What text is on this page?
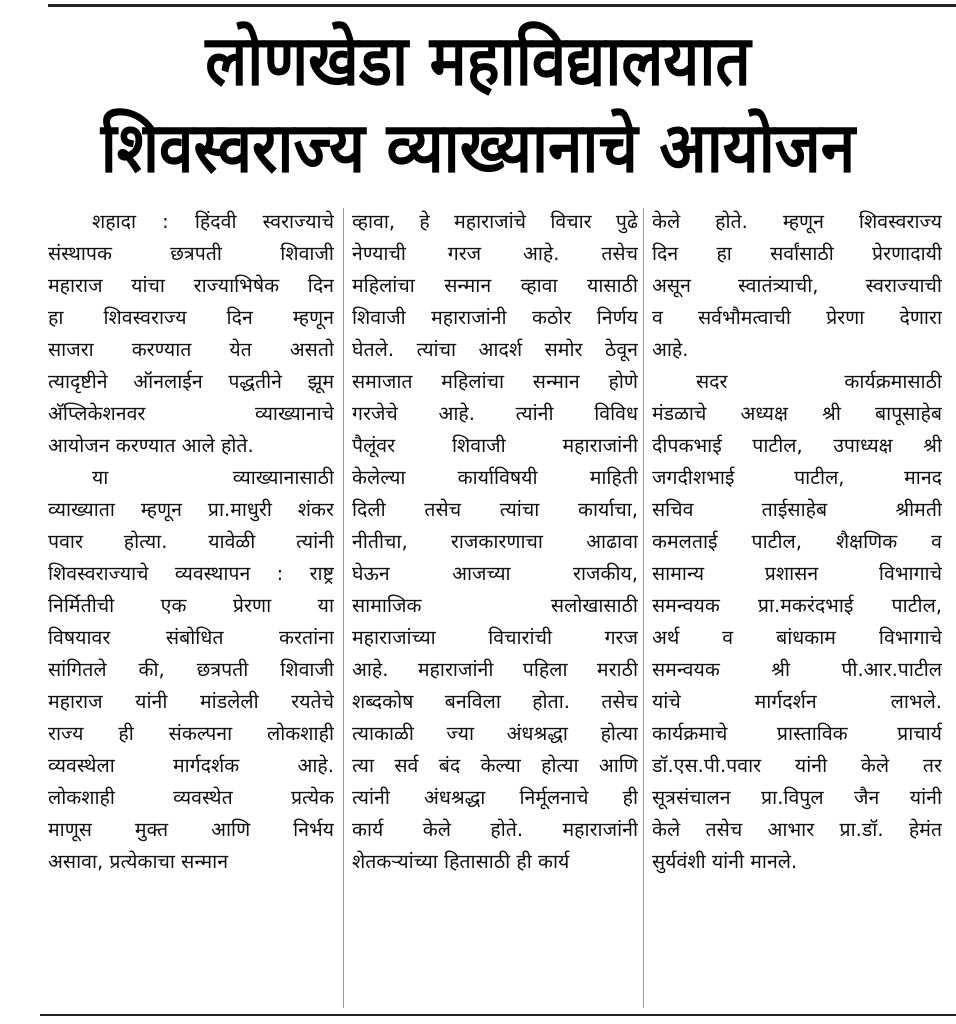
लोणखेडा महाविद्यालयात
शिवस्वराज्य व्याख्यानाचे आयोजन
शहादा : हिंदवी स्वराज्याचे
संस्थापक छत्रपती शिवाजी
महाराज यांचा राज्याभिषेक दिन
हा शिवस्वराज्य दिन म्हणून
साजरा करण्यात येत असतो
त्यादृष्टीने ऑनलाईन पद्धतीने झूम
अ‍ॅप्लिकेशनवर व्याख्यानाचे
आयोजन करण्यात आले होते.
या व्याख्यानासाठी
व्याख्याता म्हणून प्रा.माधुरी शंकर
पवार होत्या. यावेळी त्यांनी
शिवस्वराज्याचे व्यवस्थापन : राष्ट्र
निर्मितीची एक प्रेरणा या
विषयावर संबोधित करतांना
सांगितले की, छत्रपती शिवाजी
महाराज यांनी मांडलेली रयतेचे
राज्य ही संकल्पना लोकशाही
व्यवस्थेला मार्गदर्शक आहे.
लोकशाही व्यवस्थेत प्रत्येक
माणूस मुक्त आणि निर्भय
असावा, प्रत्येकाचा सन्मान
व्हावा, हे महाराजांचे विचार पुढे
नेण्याची गरज आहे. तसेच
महिलांचा सन्मान व्हावा यासाठी
शिवाजी महाराजांनी कठोर निर्णय
घेतले. त्यांचा आदर्श समोर ठेवून
समाजात महिलांचा सन्मान होणे
गरजेचे आहे. त्यांनी विविध
पैलूंवर शिवाजी महाराजांनी
केलेल्या कार्याविषयी माहिती
दिली तसेच त्यांचा कार्याचा,
नीतीचा, राजकारणाचा आढावा
घेऊन आजच्या राजकीय,
सामाजिक सलोखासाठी
महाराजांच्या विचारांची गरज
आहे. महाराजांनी पहिला मराठी
शब्दकोष बनविला होता. तसेच
त्याकाळी ज्या अंधश्रद्धा होत्या
त्या सर्व बंद केल्या होत्या आणि
त्यांनी अंधश्रद्धा निर्मूलनाचे ही
कार्य केले होते. महाराजांनी
शेतकऱ्यांच्या हितासाठी ही कार्य
केले होते. म्हणून शिवस्वराज्य
दिन हा सर्वांसाठी प्रेरणादायी
असून स्वातंत्र्याची, स्वराज्याची
व सर्वभौमत्वाची प्रेरणा देणारा
आहे.
सदर कार्यक्रमासाठी
मंडळाचे अध्यक्ष श्री बापूसाहेब
दीपकभाई पाटील, उपाध्यक्ष श्री
जगदीशभाई पाटील, मानद
सचिव ताईसाहेब श्रीमती
कमलताई पाटील, शैक्षणिक व
सामान्य प्रशासन विभागाचे
समन्वयक प्रा.मकरंदभाई पाटील,
अर्थ व बांधकाम विभागाचे
समन्वयक श्री पी.आर.पाटील
यांचे मार्गदर्शन लाभले.
कार्यक्रमाचे प्रास्ताविक प्राचार्य
डॉ.एस.पी.पवार यांनी केले तर
सूत्रसंचालन प्रा.विपुल जैन यांनी
केले तसेच आभार प्रा.डॉ. हेमंत
सुर्यवंशी यांनी मानले.
